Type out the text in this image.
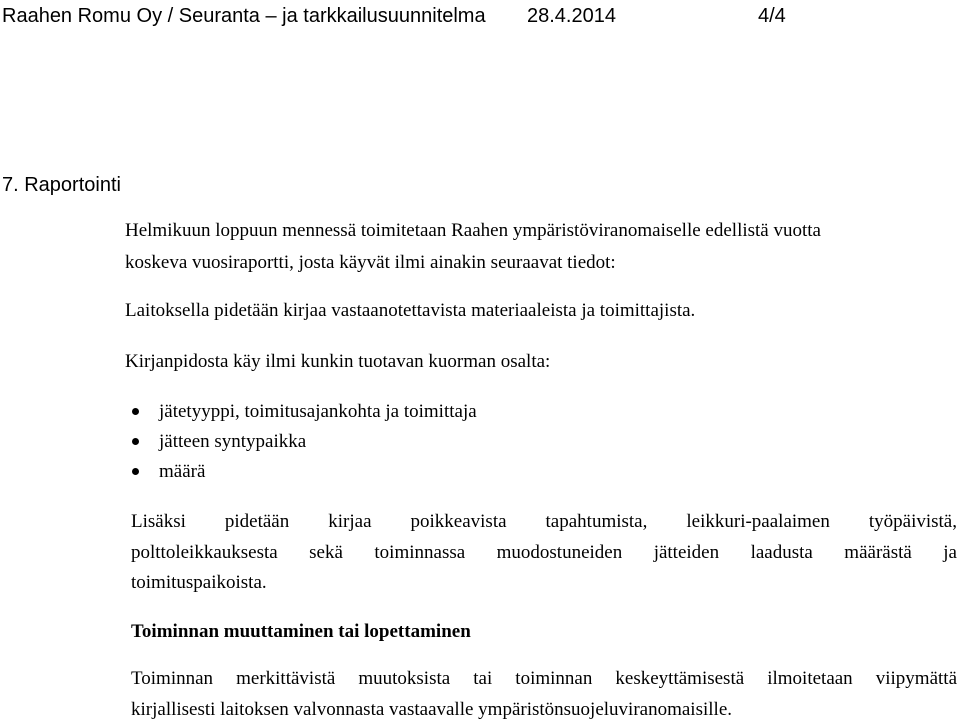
Raahen Romu Oy / Seuranta – ja tarkkailusuunnitelma 28.4.2014	4/4
7. Raportointi
Helmikuun loppuun mennessä toimitetaan Raahen ympäristöviranomaiselle edellistä vuotta
koskeva vuosiraportti, josta käyvät ilmi ainakin seuraavat tiedot:
Laitoksella pidetään kirjaa vastaanotettavista materiaaleista ja toimittajista.
Kirjanpidosta käy ilmi kunkin tuotavan kuorman osalta:
jätetyyppi, toimitusajankohta ja toimittaja
jätteen syntypaikka
määrä
Lisäksi pidetään kirjaa poikkeavista tapahtumista, leikkuri-paalaimen työpäivistä,
polttoleikkauksesta sekä toiminnassa muodostuneiden jätteiden laadusta määrästä ja
toimituspaikoista.
Toiminnan muuttaminen tai lopettaminen
Toiminnan merkittävistä muutoksista tai toiminnan keskeyttämisestä ilmoitetaan viipymättä
kirjallisesti laitoksen valvonnasta vastaavalle ympäristönsuojeluviranomaisille.
